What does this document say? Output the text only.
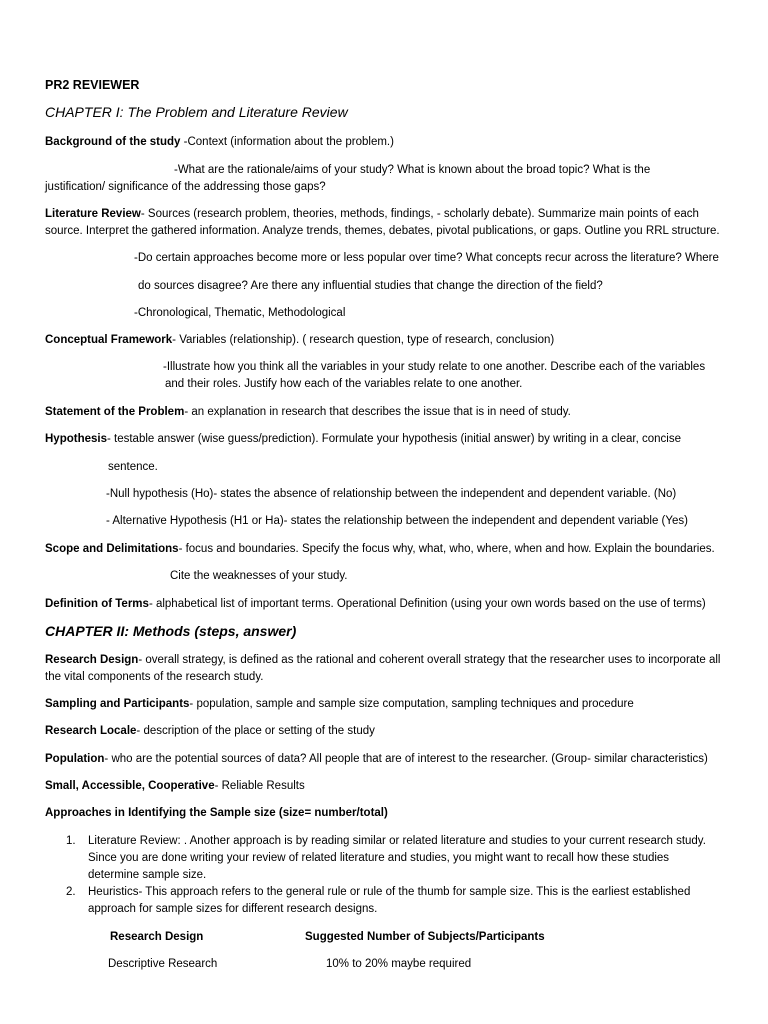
PR2 REVIEWER
CHAPTER I: The Problem and Literature Review
Background of the study -Context (information about the problem.)
-What are the rationale/aims of your study? What is known about the broad topic? What is the
justification/ significance of the addressing those gaps?
Literature Review- Sources (research problem, theories, methods, findings, - scholarly debate). Summarize main points of each
source. Interpret the gathered information. Analyze trends, themes, debates, pivotal publications, or gaps. Outline you RRL structure.
-Do certain approaches become more or less popular over time? What concepts recur across the literature? Where
do sources disagree? Are there any influential studies that change the direction of the field?
-Chronological, Thematic, Methodological
Conceptual Framework- Variables (relationship). ( research question, type of research, conclusion)
-Illustrate how you think all the variables in your study relate to one another. Describe each of the variables
and their roles. Justify how each of the variables relate to one another.
Statement of the Problem- an explanation in research that describes the issue that is in need of study.
Hypothesis- testable answer (wise guess/prediction). Formulate your hypothesis (initial answer) by writing in a clear, concise
sentence.
-Null hypothesis (Ho)- states the absence of relationship between the independent and dependent variable. (No)
- Alternative Hypothesis (H1 or Ha)- states the relationship between the independent and dependent variable (Yes)
Scope and Delimitations- focus and boundaries. Specify the focus why, what, who, where, when and how. Explain the boundaries.
Cite the weaknesses of your study.
Definition of Terms- alphabetical list of important terms. Operational Definition (using your own words based on the use of terms)
CHAPTER II: Methods (steps, answer)
Research Design- overall strategy, is defined as the rational and coherent overall strategy that the researcher uses to incorporate all
the vital components of the research study.
Sampling and Participants- population, sample and sample size computation, sampling techniques and procedure
Research Locale- description of the place or setting of the study
Population- who are the potential sources of data? All people that are of interest to the researcher. (Group- similar characteristics)
Small, Accessible, Cooperative- Reliable Results
Approaches in Identifying the Sample size (size= number/total)
1. Literature Review: . Another approach is by reading similar or related literature and studies to your current research study.
Since you are done writing your review of related literature and studies, you might want to recall how these studies
determine sample size.
2. Heuristics- This approach refers to the general rule or rule of the thumb for sample size. This is the earliest established
approach for sample sizes for different research designs.
Research Design	Suggested Number of Subjects/Participants
Descriptive Research	10% to 20% maybe required
